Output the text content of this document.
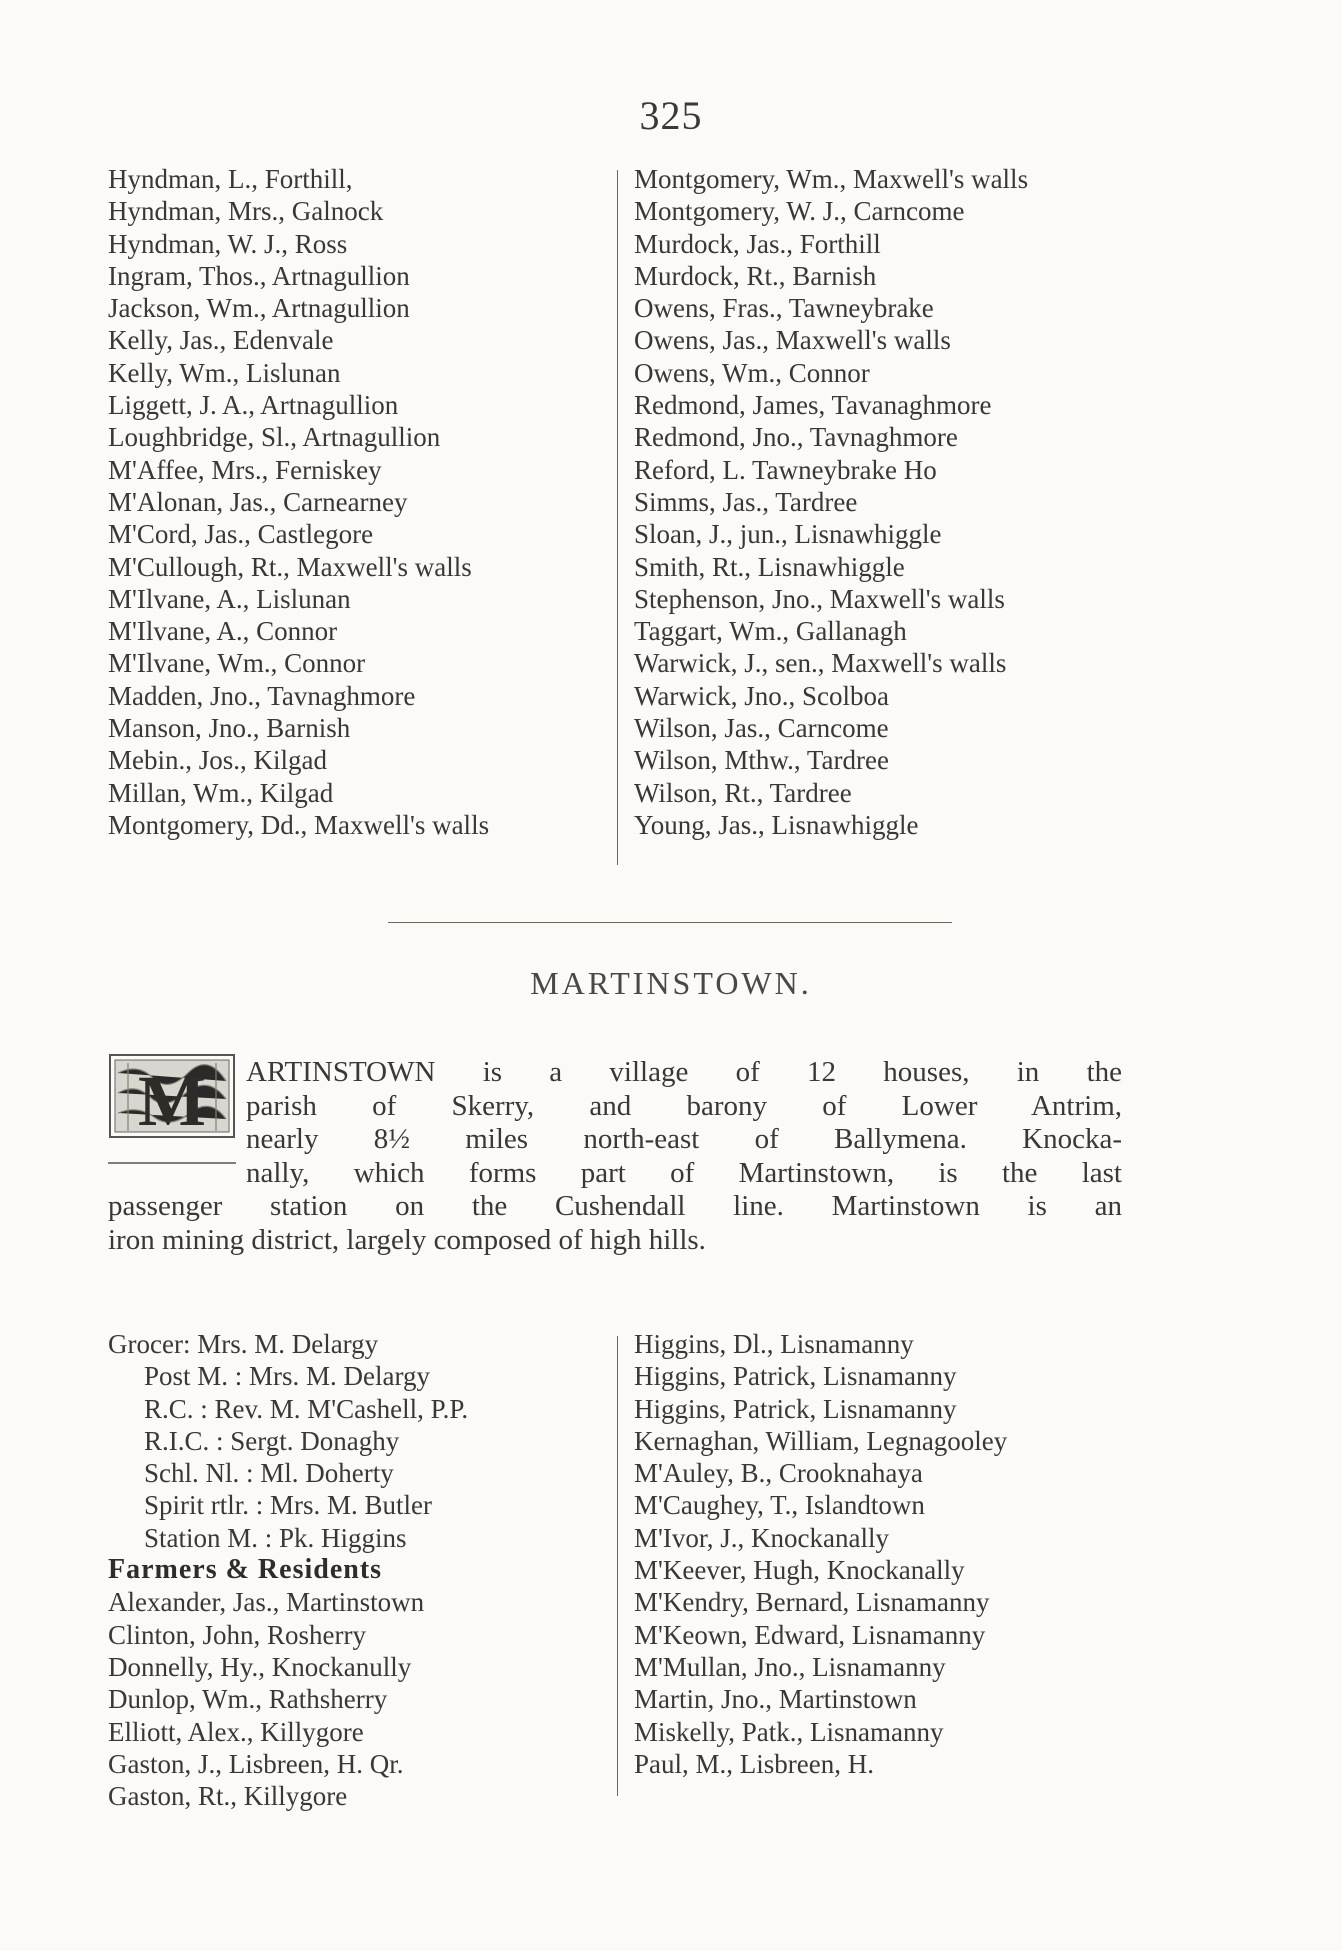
325
Hyndman, L., Forthill,
Hyndman, Mrs., Galnock
Hyndman, W. J., Ross
Ingram, Thos., Artnagullion
Jackson, Wm., Artnagullion
Kelly, Jas., Edenvale
Kelly, Wm., Lislunan
Liggett, J. A., Artnagullion
Loughbridge, Sl., Artnagullion
M'Affee, Mrs., Ferniskey
M'Alonan, Jas., Carnearney
M'Cord, Jas., Castlegore
M'Cullough, Rt., Maxwell's walls
M'Ilvane, A., Lislunan
M'Ilvane, A., Connor
M'Ilvane, Wm., Connor
Madden, Jno., Tavnaghmore
Manson, Jno., Barnish
Mebin., Jos., Kilgad
Millan, Wm., Kilgad
Montgomery, Dd., Maxwell's walls
Montgomery, Wm., Maxwell's walls
Montgomery, W. J., Carncome
Murdock, Jas., Forthill
Murdock, Rt., Barnish
Owens, Fras., Tawneybrake
Owens, Jas., Maxwell's walls
Owens, Wm., Connor
Redmond, James, Tavanaghmore
Redmond, Jno., Tavnaghmore
Reford, L. Tawneybrake Ho
Simms, Jas., Tardree
Sloan, J., jun., Lisnawhiggle
Smith, Rt., Lisnawhiggle
Stephenson, Jno., Maxwell's walls
Taggart, Wm., Gallanagh
Warwick, J., sen., Maxwell's walls
Warwick, Jno., Scolboa
Wilson, Jas., Carncome
Wilson, Mthw., Tardree
Wilson, Rt., Tardree
Young, Jas., Lisnawhiggle
MARTINSTOWN.
M	ARTINSTOWN is a village of 12 houses, in the
parish of Skerry, and barony of Lower Antrim,
nearly 8½ miles north-east of Ballymena. Knocka-
nally, which forms part of Martinstown, is the last
passenger station on the Cushendall line. Martinstown is an
iron mining district, largely composed of high hills.
Grocer: Mrs. M. Delargy
Post M. : Mrs. M. Delargy
R.C. : Rev. M. M'Cashell, P.P.
R.I.C. : Sergt. Donaghy
Schl. Nl. : Ml. Doherty
Spirit rtlr. : Mrs. M. Butler
Station M. : Pk. Higgins
Farmers & Residents
Alexander, Jas., Martinstown
Clinton, John, Rosherry
Donnelly, Hy., Knockanully
Dunlop, Wm., Rathsherry
Elliott, Alex., Killygore
Gaston, J., Lisbreen, H. Qr.
Gaston, Rt., Killygore
Higgins, Dl., Lisnamanny
Higgins, Patrick, Lisnamanny
Higgins, Patrick, Lisnamanny
Kernaghan, William, Legnagooley
M'Auley, B., Crooknahaya
M'Caughey, T., Islandtown
M'Ivor, J., Knockanally
M'Keever, Hugh, Knockanally
M'Kendry, Bernard, Lisnamanny
M'Keown, Edward, Lisnamanny
M'Mullan, Jno., Lisnamanny
Martin, Jno., Martinstown
Miskelly, Patk., Lisnamanny
Paul, M., Lisbreen, H.
